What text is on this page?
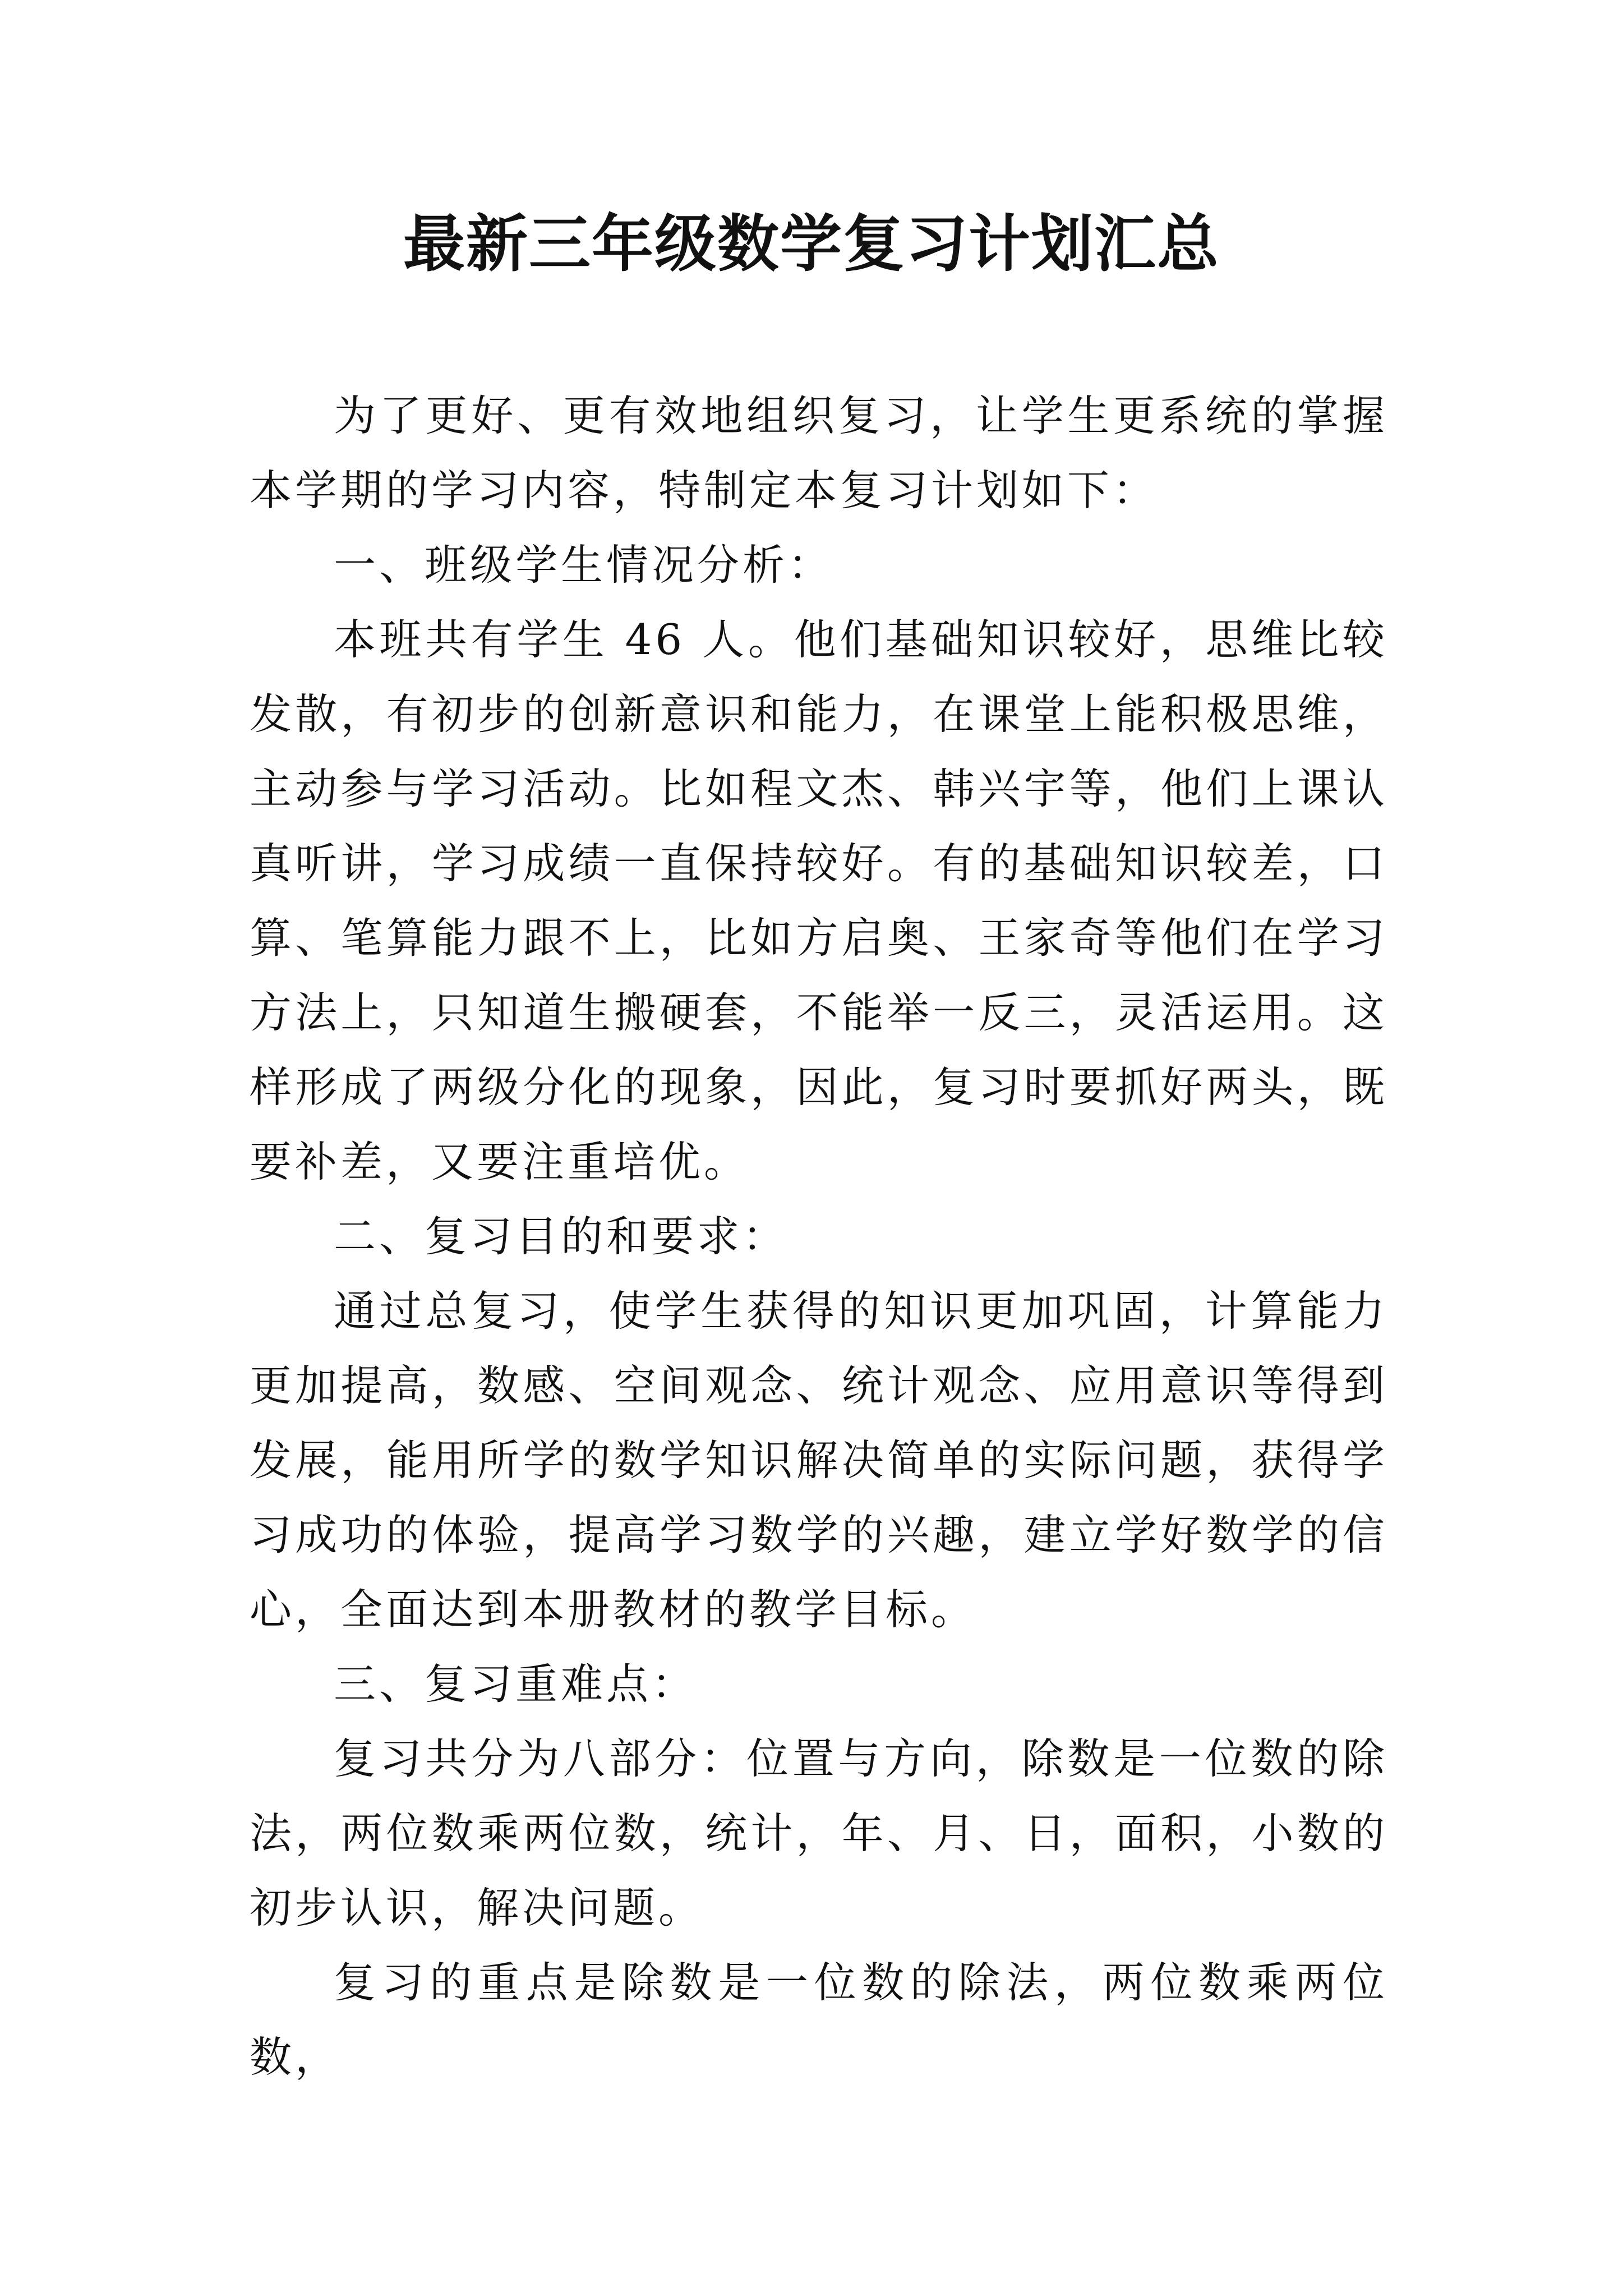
最新三年级数学复习计划汇总

为了更好、更有效地组织复习，让学生更系统的掌握本学期的学习内容，特制定本复习计划如下：

一、班级学生情况分析：

本班共有学生 46 人。他们基础知识较好，思维比较发散，有初步的创新意识和能力，在课堂上能积极思维，主动参与学习活动。比如程文杰、韩兴宇等，他们上课认真听讲，学习成绩一直保持较好。有的基础知识较差，口算、笔算能力跟不上，比如方启奥、王家奇等他们在学习方法上，只知道生搬硬套，不能举一反三，灵活运用。这样形成了两级分化的现象，因此，复习时要抓好两头，既要补差，又要注重培优。

二、复习目的和要求：

通过总复习，使学生获得的知识更加巩固，计算能力更加提高，数感、空间观念、统计观念、应用意识等得到发展，能用所学的数学知识解决简单的实际问题，获得学习成功的体验，提高学习数学的兴趣，建立学好数学的信心，全面达到本册教材的教学目标。

三、复习重难点：

复习共分为八部分：位置与方向，除数是一位数的除法，两位数乘两位数，统计，年、月、日，面积，小数的初步认识，解决问题。

复习的重点是除数是一位数的除法，两位数乘两位数，
